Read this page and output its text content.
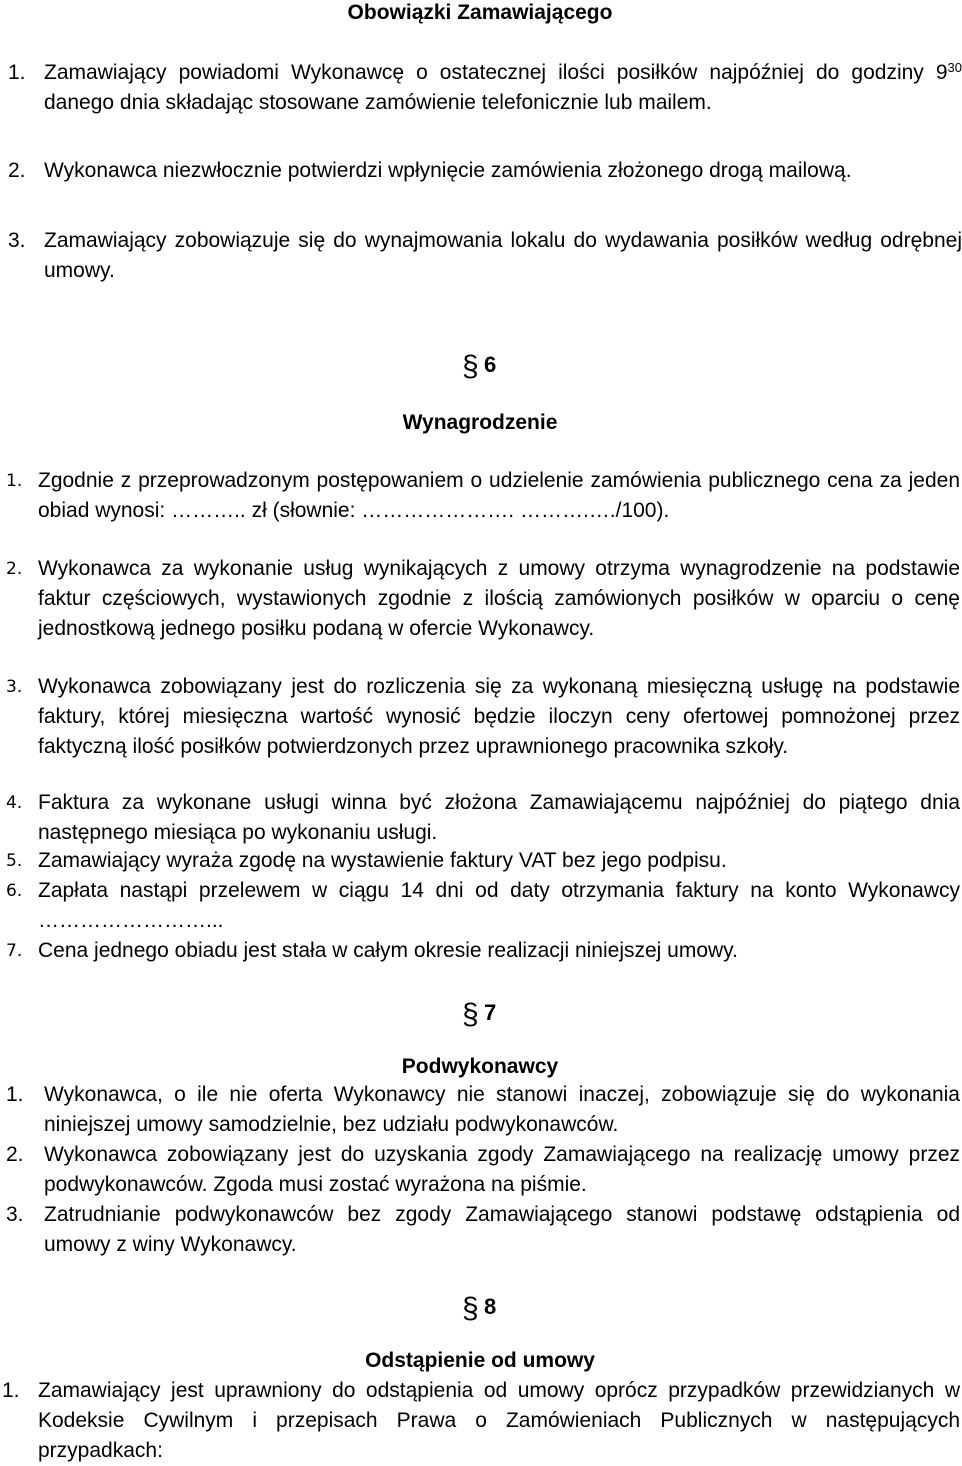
Obowiązki Zamawiającego
1. Zamawiający powiadomi Wykonawcę o ostatecznej ilości posiłków najpóźniej do godziny $9^{30}$ danego dnia składając stosowane zamówienie telefonicznie lub mailem.
2. Wykonawca niezwłocznie potwierdzi wpłynięcie zamówienia złożonego drogą mailową.
3. Zamawiający zobowiązuje się do wynajmowania lokalu do wydawania posiłków według odrębnej umowy.
§ 6
Wynagrodzenie
1. Zgodnie z przeprowadzonym postępowaniem o udzielenie zamówienia publicznego cena za jeden obiad wynosi: ……….. zł (słownie: …………………. ……….…./100).
2. Wykonawca za wykonanie usług wynikających z umowy otrzyma wynagrodzenie na podstawie faktur częściowych, wystawionych zgodnie z ilością zamówionych posiłków w oparciu o cenę jednostkową jednego posiłku podaną w ofercie Wykonawcy.
3. Wykonawca zobowiązany jest do rozliczenia się za wykonaną miesięczną usługę na podstawie faktury, której miesięczna wartość wynosić będzie iloczyn ceny ofertowej pomnożonej przez faktyczną ilość posiłków potwierdzonych przez uprawnionego pracownika szkoły.
4. Faktura za wykonane usługi winna być złożona Zamawiającemu najpóźniej do piątego dnia następnego miesiąca po wykonaniu usługi.
5. Zamawiający wyraża zgodę na wystawienie faktury VAT bez jego podpisu.
6. Zapłata nastąpi przelewem w ciągu 14 dni od daty otrzymania faktury na konto Wykonawcy ……………………...
7. Cena jednego obiadu jest stała w całym okresie realizacji niniejszej umowy.
§ 7
Podwykonawcy
1. Wykonawca, o ile nie oferta Wykonawcy nie stanowi inaczej, zobowiązuje się do wykonania niniejszej umowy samodzielnie, bez udziału podwykonawców.
2. Wykonawca zobowiązany jest do uzyskania zgody Zamawiającego na realizację umowy przez podwykonawców. Zgoda musi zostać wyrażona na piśmie.
3. Zatrudnianie podwykonawców bez zgody Zamawiającego stanowi podstawę odstąpienia od umowy z winy Wykonawcy.
§ 8
Odstąpienie od umowy
1. Zamawiający jest uprawniony do odstąpienia od umowy oprócz przypadków przewidzianych w Kodeksie Cywilnym i przepisach Prawa o Zamówieniach Publicznych w następujących przypadkach:
